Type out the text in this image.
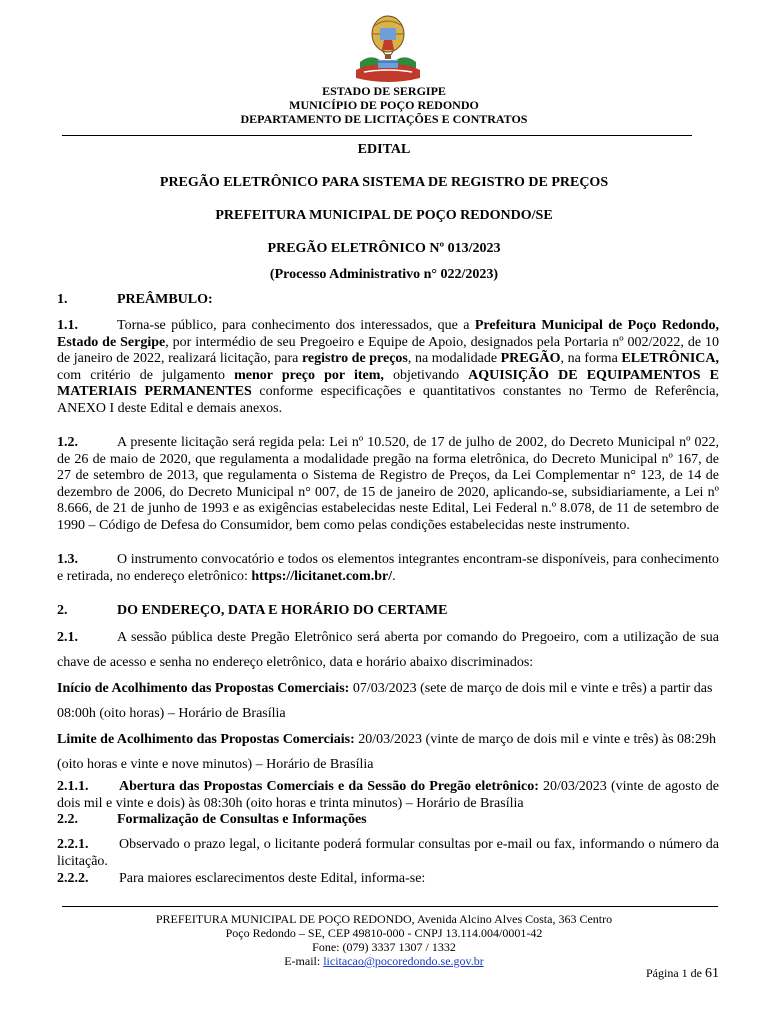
ESTADO DE SERGIPE
MUNICÍPIO DE POÇO REDONDO
DEPARTAMENTO DE LICITAÇÕES E CONTRATOS
EDITAL
PREGÃO ELETRÔNICO PARA SISTEMA DE REGISTRO DE PREÇOS
PREFEITURA MUNICIPAL DE POÇO REDONDO/SE
PREGÃO ELETRÔNICO Nº 013/2023
(Processo Administrativo n° 022/2023)
1.	PREÂMBULO:
1.1.	Torna-se público, para conhecimento dos interessados, que a Prefeitura Municipal de Poço Redondo, Estado de Sergipe, por intermédio de seu Pregoeiro e Equipe de Apoio, designados pela Portaria nº 002/2022, de 10 de janeiro de 2022, realizará licitação, para registro de preços, na modalidade PREGÃO, na forma ELETRÔNICA, com critério de julgamento menor preço por item, objetivando AQUISIÇÃO DE EQUIPAMENTOS E MATERIAIS PERMANENTES conforme especificações e quantitativos constantes no Termo de Referência, ANEXO I deste Edital e demais anexos.
1.2.	A presente licitação será regida pela: Lei nº 10.520, de 17 de julho de 2002, do Decreto Municipal nº 022, de 26 de maio de 2020, que regulamenta a modalidade pregão na forma eletrônica, do Decreto Municipal nº 167, de 27 de setembro de 2013, que regulamenta o Sistema de Registro de Preços, da Lei Complementar n° 123, de 14 de dezembro de 2006, do Decreto Municipal n° 007, de 15 de janeiro de 2020, aplicando-se, subsidiariamente, a Lei nº 8.666, de 21 de junho de 1993 e as exigências estabelecidas neste Edital, Lei Federal n.º 8.078, de 11 de setembro de 1990 – Código de Defesa do Consumidor, bem como pelas condições estabelecidas neste instrumento.
1.3.	O instrumento convocatório e todos os elementos integrantes encontram-se disponíveis, para conhecimento e retirada, no endereço eletrônico: https://licitanet.com.br/.
2.	DO ENDEREÇO, DATA E HORÁRIO DO CERTAME
2.1.	A sessão pública deste Pregão Eletrônico será aberta por comando do Pregoeiro, com a utilização de sua chave de acesso e senha no endereço eletrônico, data e horário abaixo discriminados:
Início de Acolhimento das Propostas Comerciais: 07/03/2023 (sete de março de dois mil e vinte e três) a partir das 08:00h (oito horas) – Horário de Brasília
Limite de Acolhimento das Propostas Comerciais: 20/03/2023 (vinte de março de dois mil e vinte e três) às 08:29h (oito horas e vinte e nove minutos) – Horário de Brasília
2.1.1. Abertura das Propostas Comerciais e da Sessão do Pregão eletrônico: 20/03/2023 (vinte de agosto de dois mil e vinte e dois) às 08:30h (oito horas e trinta minutos) – Horário de Brasília
2.2.	Formalização de Consultas e Informações
2.2.1. Observado o prazo legal, o licitante poderá formular consultas por e-mail ou fax, informando o número da licitação.
2.2.2. Para maiores esclarecimentos deste Edital, informa-se:
PREFEITURA MUNICIPAL DE POÇO REDONDO, Avenida Alcino Alves Costa, 363 Centro
Poço Redondo – SE, CEP 49810-000 - CNPJ 13.114.004/0001-42
Fone: (079) 3337 1307 / 1332
E-mail: licitacao@pocoredondo.se.gov.br
Página 1 de 61
